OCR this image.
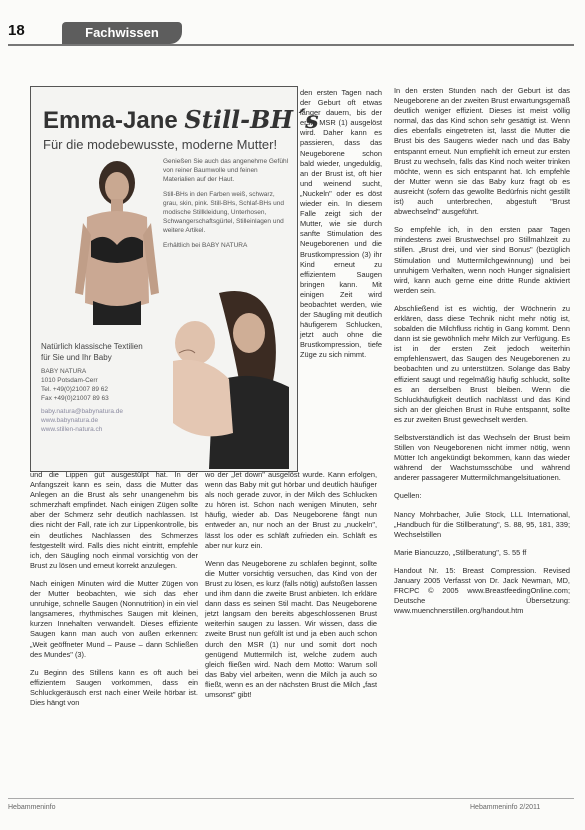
18	Fachwissen
Emma-Jane Still-BH´s
Für die modebewusste, moderne Mutter!

Genießen Sie auch das angenehme Gefühl von reiner Baumwolle und feinen Materialien auf der Haut.

Still-BHs in den Farben weiß, schwarz, grau, skin, pink. Still-BHs, Schlaf-BHs und modische Stillkleidung, Unterhosen, Schwangerschaftsgürtel, Stilleinlagen und weitere Artikel.

Erhältlich bei BABY NATURA

Natürlich klassische Textilien für Sie und Ihr Baby

BABY NATURA
1010 Potsdam-Cerr
Tel. +49(0)21007 89 62
Fax +49(0)21007 89 63

baby.natura@babynatura.de
www.babynatura.de
www.stillen-natura.ch

den ersten Tagen nach der Geburt oft etwas länger dauern, bis der erste MSR (1) ausgelöst wird. Daher kann es passieren, dass das Neugeborene schon bald wieder, ungeduldig, an der Brust ist, oft hier und weinend sucht, „Nuckeln" oder es döst wieder ein. In diesem Falle zeigt sich der Mutter, wie sie durch sanfte Stimulation des Neugeborenen und die Brustkompression (3) ihr Kind erneut zu effizientem Saugen bringen kann. Mit einigen Zeit wird beobachtet werden, wie der Säugling mit deutlich häufigerem Schlucken, jetzt auch ohne die Brustkompression, tiefe Züge zu sich nimmt.

und die Lippen gut ausgestülpt hat. In der Anfangszeit kann es sein, dass die Mutter das Anlegen an die Brust als sehr unangenehm bis schmerzhaft empfindet. Nach einigen Zügen sollte aber der Schmerz sehr deutlich nachlassen. Ist dies nicht der Fall, rate ich zur Lippenkontrolle, bis ein deutliches Nachlassen des Schmerzes festgestellt wird. Falls dies nicht eintritt, empfehle ich, den Säugling noch einmal vorsichtig von der Brust zu lösen und erneut korrekt anzulegen.

Nach einigen Minuten wird die Mutter Zügen von der Mutter beobachten, wie sich das eher unruhige, schnelle Saugen (Nonnutrition) in ein viel langsameres, rhythmisches Saugen mit kleinen, kurzen Innehalten verwandelt. Dieses effiziente Saugen kann man auch von außen erkennen: „Weit geöffneter Mund – Pause – dann Schließen des Mundes" (3).

Zu Beginn des Stillens kann es oft auch bei effizientem Saugen vorkommen, dass ein Schluckgeräusch erst nach einer Weile hörbar ist. Dies hängt von

wo der „let down" ausgelöst wurde. Kann erfolgen, wenn das Baby mit gut hörbar und deutlich häufiger als noch gerade zuvor, in der Milch des Schlucken zu hören ist. Schon nach wenigen Minuten, sehr häufig, wieder ab. Das Neugeborene fängt nun entweder an, nur noch an der Brust zu „nuckeln", lässt los oder es schläft zufrieden ein. Schläft es aber nur kurz ein.

Wenn das Neugeborene zu schlafen beginnt, sollte die Mutter vorsichtig versuchen, das Kind von der Brust zu lösen, es kurz (falls nötig) aufstoßen lassen und ihm dann die zweite Brust anbieten. Ich erkläre dann dass es seinen Stil macht. Das Neugeborene jetzt langsam den bereits abgeschlossenen Brust weiterhin saugen zu lassen. Wir wissen, dass die zweite Brust nun gefüllt ist und ja eben auch schon durch den MSR (1) nur und somit dort noch genügend Muttermilch ist, welche zudem auch gleich fließen wird. Nach dem Motto: Warum soll das Baby viel arbeiten, wenn die Milch ja auch so fließt, wenn es an der nächsten Brust die Milch „fast umsonst" gibt!

In den ersten Stunden nach der Geburt ist das Neugeborene an der zweiten Brust erwartungsgemäß deutlich weniger effizient. Dieses ist meist völlig normal, das das Kind schon sehr gesättigt ist. Wenn dies ebenfalls eingetreten ist, lasst die Mutter die Brust bis des Saugens wieder nach und das Baby entspannt erneut. Nun empfiehlt ich erneut zur ersten Brust zu wechseln, falls das Kind noch weiter trinken möchte, wenn es sich entspannt hat. Ich empfehle der Mutter wenn sie das Baby kurz fragt ob es ausreicht (sofern das gewollte Bedürfnis nicht gestillt ist) auch unterbrechen, abgestuft "Brust abwechselnd" ausgeführt.

So empfehle ich, in den ersten paar Tagen mindestens zwei Brustwechsel pro Stillmahlzeit zu stillen. „Brust drei, und vier sind Bonus" (bezüglich Stimulation und Muttermilchgewinnung) und bei unruhigem Verhalten, wenn noch Hunger signalisiert wird, kann auch gerne eine dritte Runde aktiviert werden sein.

Abschließend ist es wichtig, der Wöchnerin zu erklären, dass diese Technik nicht mehr nötig ist, sobalden die Milchfluss richtig in Gang kommt. Denn dann ist sie gewöhnlich mehr Milch zur Verfügung. Es ist in der ersten Zeit jedoch weiterhin empfehlenswert, das Saugen des Neugeborenen zu beobachten und zu unterstützen. Solange das Baby effizient saugt und regelmäßig häufig schluckt, sollte es an derselben Brust bleiben. Wenn die Schluckhäufigkeit deutlich nachlässt und das Kind sich an der gleichen Brust in Ruhe entspannt, sollte es zur zweiten Brust gewechselt werden.

Selbstverständlich ist das Wechseln der Brust beim Stillen von Neugeborenen nicht immer nötig, wenn Mütter Ich angekündigt bekommen, kann das wieder während der Wachstumsschübe und während anderer passagerer Muttermilchmangelsituationen.

Quellen:

Nancy Mohrbacher, Julie Stock, LLL International, „Handbuch für die Stillberatung", S. 88, 95, 181, 339; Wechselstillen

Marie Biancuzzo, „Stillberatung", S. 55 ff

Handout Nr. 15: Breast Compression. Revised January 2005 Verfasst von Dr. Jack Newman, MD, FRCPC © 2005 www.BreastfeedingOnline.com; Deutsche Übersetzung: www.muenchnerstillen.org/handout.htm

Hebammeninfo	Hebammeninfo 2/2011
